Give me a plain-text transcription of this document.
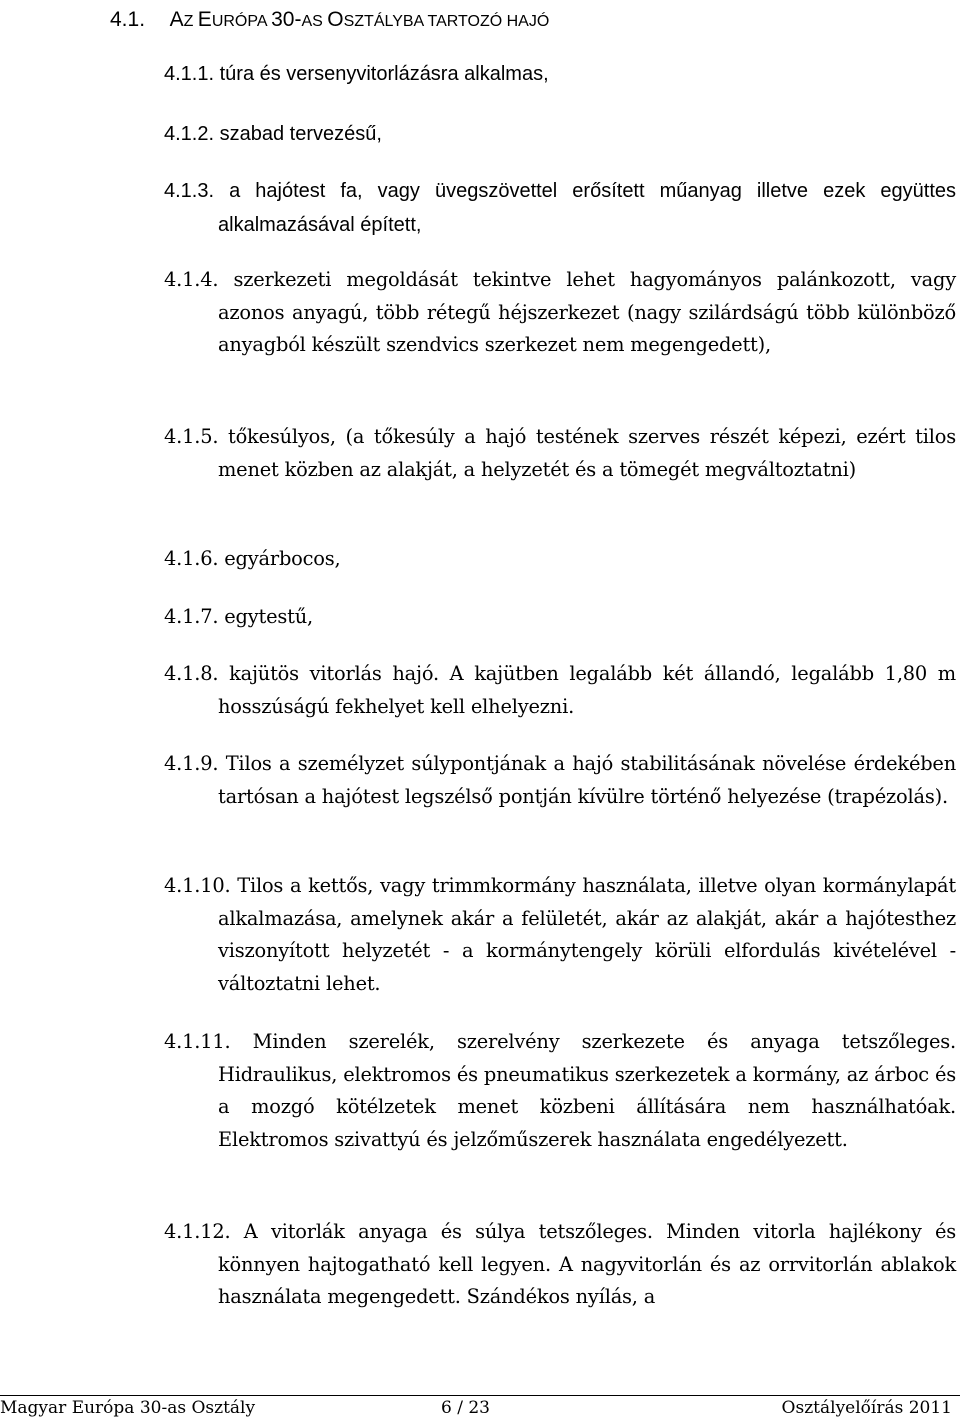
4.1. AZ EURÓPA 30-AS OSZTÁLYBA TARTOZÓ HAJÓ

4.1.1. túra és versenyvitorlázásra alkalmas,

4.1.2. szabad tervezésű,

4.1.3. a hajótest fa, vagy üvegszövettel erősített műanyag illetve ezek együttes alkalmazásával épített,

4.1.4. szerkezeti megoldását tekintve lehet hagyományos palánkozott, vagy azonos anyagú, több rétegű héjszerkezet (nagy szilárdságú több különböző anyagból készült szendvics szerkezet nem megengedett),

4.1.5. tőkesúlyos, (a tőkesúly a hajó testének szerves részét képezi, ezért tilos menet közben az alakját, a helyzetét és a tömegét megváltoztatni)

4.1.6. egyárbocos,

4.1.7. egytestű,

4.1.8. kajütös vitorlás hajó. A kajütben legalább két állandó, legalább 1,80 m hosszúságú fekhelyet kell elhelyezni.

4.1.9. Tilos a személyzet súlypontjának a hajó stabilitásának növelése érdekében tartósan a hajótest legszélső pontján kívülre történő helyezése (trapézolás).

4.1.10. Tilos a kettős, vagy trimmkormány használata, illetve olyan kormánylapát alkalmazása, amelynek akár a felületét, akár az alakját, akár a hajótesthez viszonyított helyzetét - a kormánytengely körüli elfordulás kivételével - változtatni lehet.

4.1.11. Minden szerelék, szerelvény szerkezete és anyaga tetszőleges. Hidraulikus, elektromos és pneumatikus szerkezetek a kormány, az árboc és a mozgó kötélzetek menet közbeni állítására nem használhatóak. Elektromos szivattyú és jelzőműszerek használata engedélyezett.

4.1.12. A vitorlák anyaga és súlya tetszőleges. Minden vitorla hajlékony és könnyen hajtogatható kell legyen. A nagyvitorlán és az orrvitorlán ablakok használata megengedett. Szándékos nyílás, a

Magyar Európa 30-as Osztály	6 / 23	Osztályelőírás 2011
